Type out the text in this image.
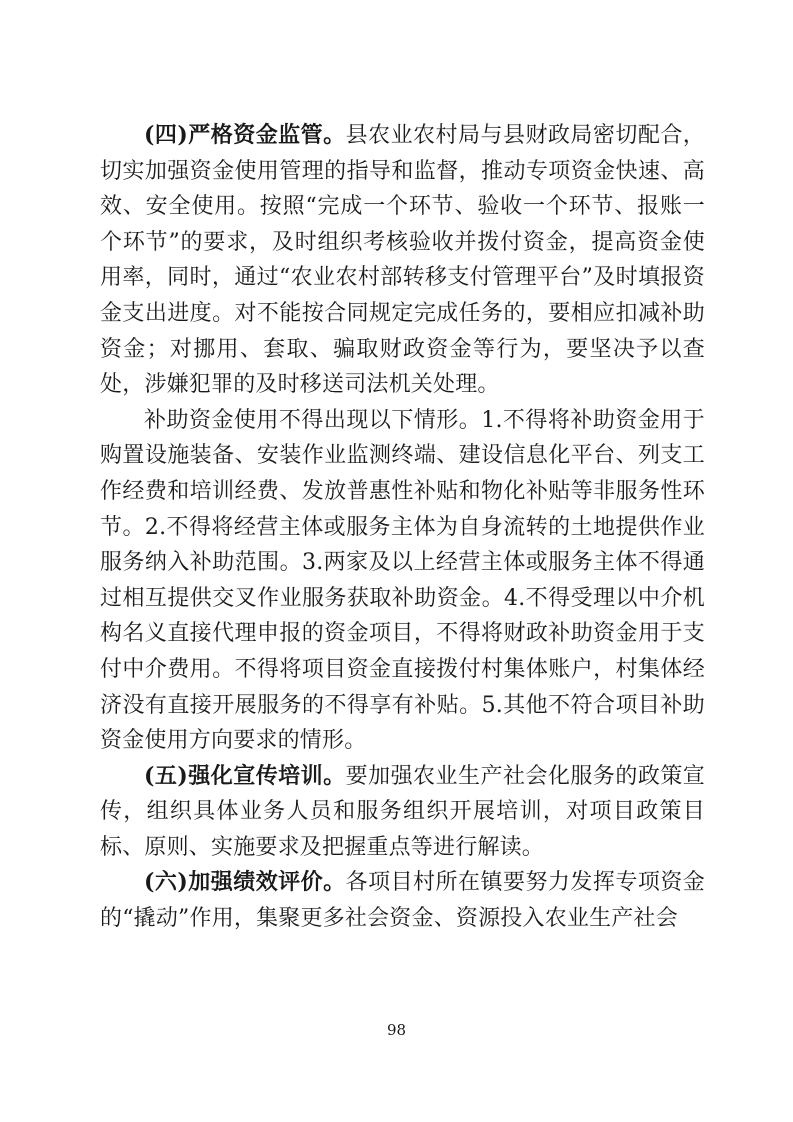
(四)严格资金监管。县农业农村局与县财政局密切配合，切实加强资金使用管理的指导和监督，推动专项资金快速、高效、安全使用。按照“完成一个环节、验收一个环节、报账一个环节”的要求，及时组织考核验收并拨付资金，提高资金使用率，同时，通过“农业农村部转移支付管理平台”及时填报资金支出进度。对不能按合同规定完成任务的，要相应扣减补助资金；对挪用、套取、骗取财政资金等行为，要坚决予以查处，涉嫌犯罪的及时移送司法机关处理。

补助资金使用不得出现以下情形。1.不得将补助资金用于购置设施装备、安装作业监测终端、建设信息化平台、列支工作经费和培训经费、发放普惠性补贴和物化补贴等非服务性环节。2.不得将经营主体或服务主体为自身流转的土地提供作业服务纳入补助范围。3.两家及以上经营主体或服务主体不得通过相互提供交叉作业服务获取补助资金。4.不得受理以中介机构名义直接代理申报的资金项目，不得将财政补助资金用于支付中介费用。不得将项目资金直接拨付村集体账户，村集体经济没有直接开展服务的不得享有补贴。5.其他不符合项目补助资金使用方向要求的情形。

(五)强化宣传培训。要加强农业生产社会化服务的政策宣传，组织具体业务人员和服务组织开展培训，对项目政策目标、原则、实施要求及把握重点等进行解读。

(六)加强绩效评价。各项目村所在镇要努力发挥专项资金的“撬动”作用，集聚更多社会资金、资源投入农业生产社会

98
